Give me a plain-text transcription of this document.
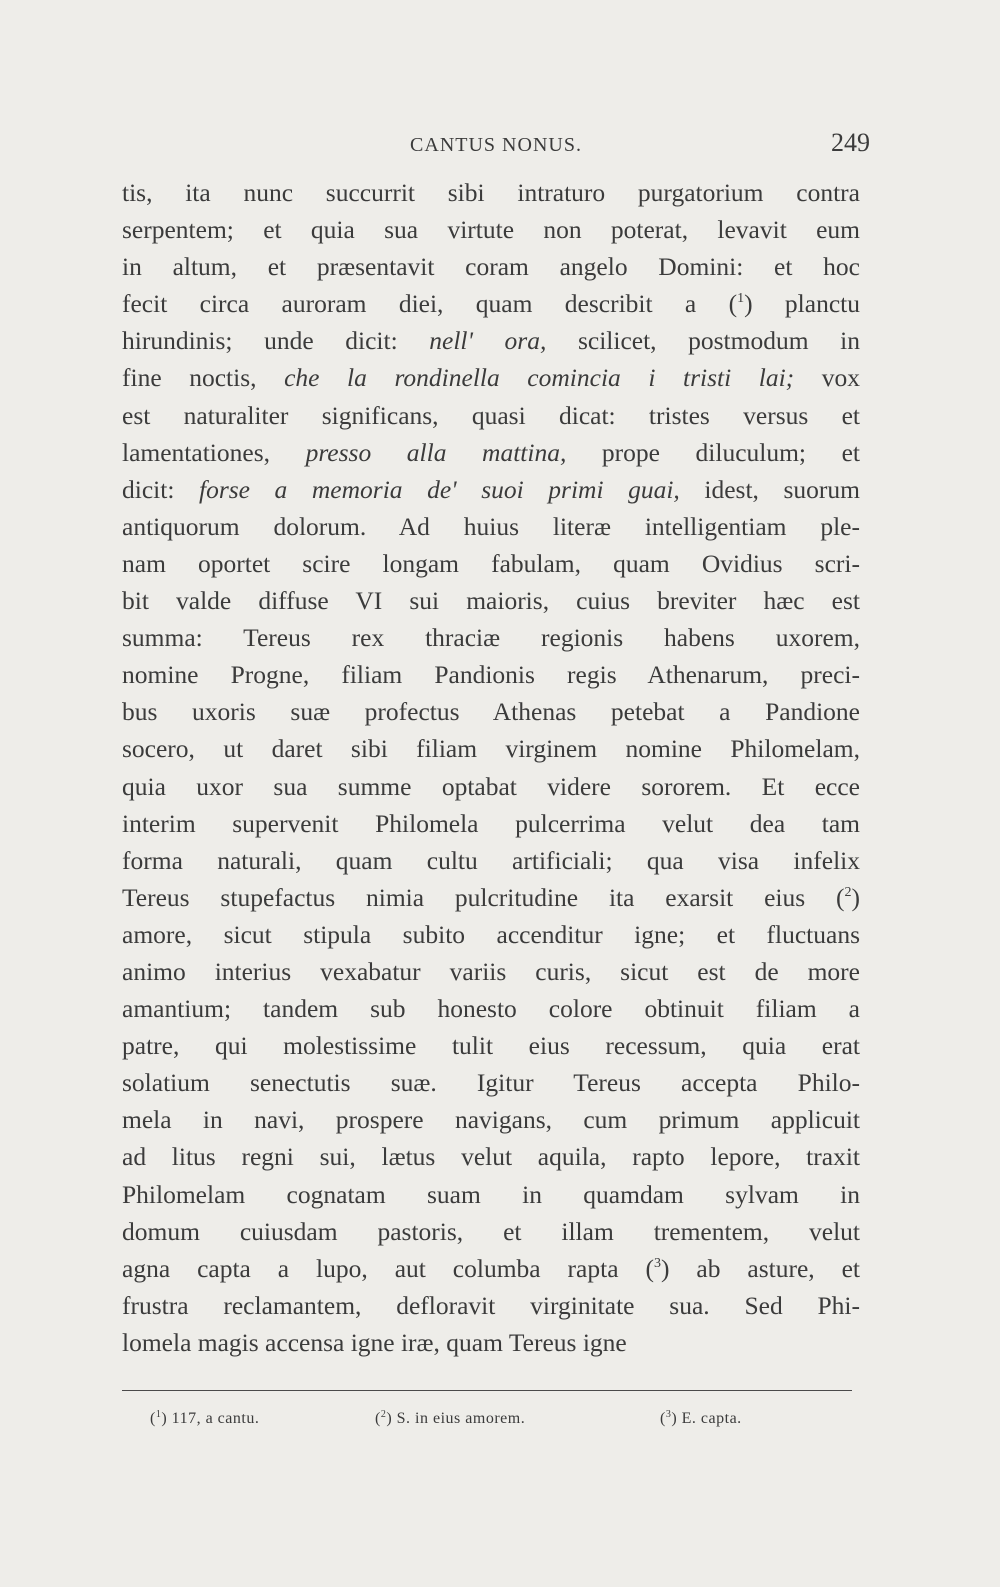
CANTUS NONUS.	249
tis, ita nunc succurrit sibi intraturo purgatorium contra
serpentem; et quia sua virtute non poterat, levavit eum
in altum, et præsentavit coram angelo Domini: et hoc
fecit circa auroram diei, quam describit a ($^1$) planctu
hirundinis; unde dicit: nell' ora, scilicet, postmodum in
fine noctis, che la rondinella comincia i tristi lai; vox
est naturaliter significans, quasi dicat: tristes versus et
lamentationes, presso alla mattina, prope diluculum; et
dicit: forse a memoria de' suoi primi guai, idest, suorum
antiquorum dolorum. Ad huius literæ intelligentiam ple-
nam oportet scire longam fabulam, quam Ovidius scri-
bit valde diffuse VI sui maioris, cuius breviter hæc est
summa: Tereus rex thraciæ regionis habens uxorem,
nomine Progne, filiam Pandionis regis Athenarum, preci-
bus uxoris suæ profectus Athenas petebat a Pandione
socero, ut daret sibi filiam virginem nomine Philomelam,
quia uxor sua summe optabat videre sororem. Et ecce
interim supervenit Philomela pulcerrima velut dea tam
forma naturali, quam cultu artificiali; qua visa infelix
Tereus stupefactus nimia pulcritudine ita exarsit eius ($^2$)
amore, sicut stipula subito accenditur igne; et fluctuans
animo interius vexabatur variis curis, sicut est de more
amantium; tandem sub honesto colore obtinuit filiam a
patre, qui molestissime tulit eius recessum, quia erat
solatium senectutis suæ. Igitur Tereus accepta Philo-
mela in navi, prospere navigans, cum primum applicuit
ad litus regni sui, lætus velut aquila, rapto lepore, traxit
Philomelam cognatam suam in quamdam sylvam in
domum cuiusdam pastoris, et illam trementem, velut
agna capta a lupo, aut columba rapta ($^3$) ab asture, et
frustra reclamantem, defloravit virginitate sua. Sed Phi-
lomela magis accensa igne iræ, quam Tereus igne
($^1$) 117, a cantu.	($^2$) S. in eius amorem.	($^3$) E. capta.
